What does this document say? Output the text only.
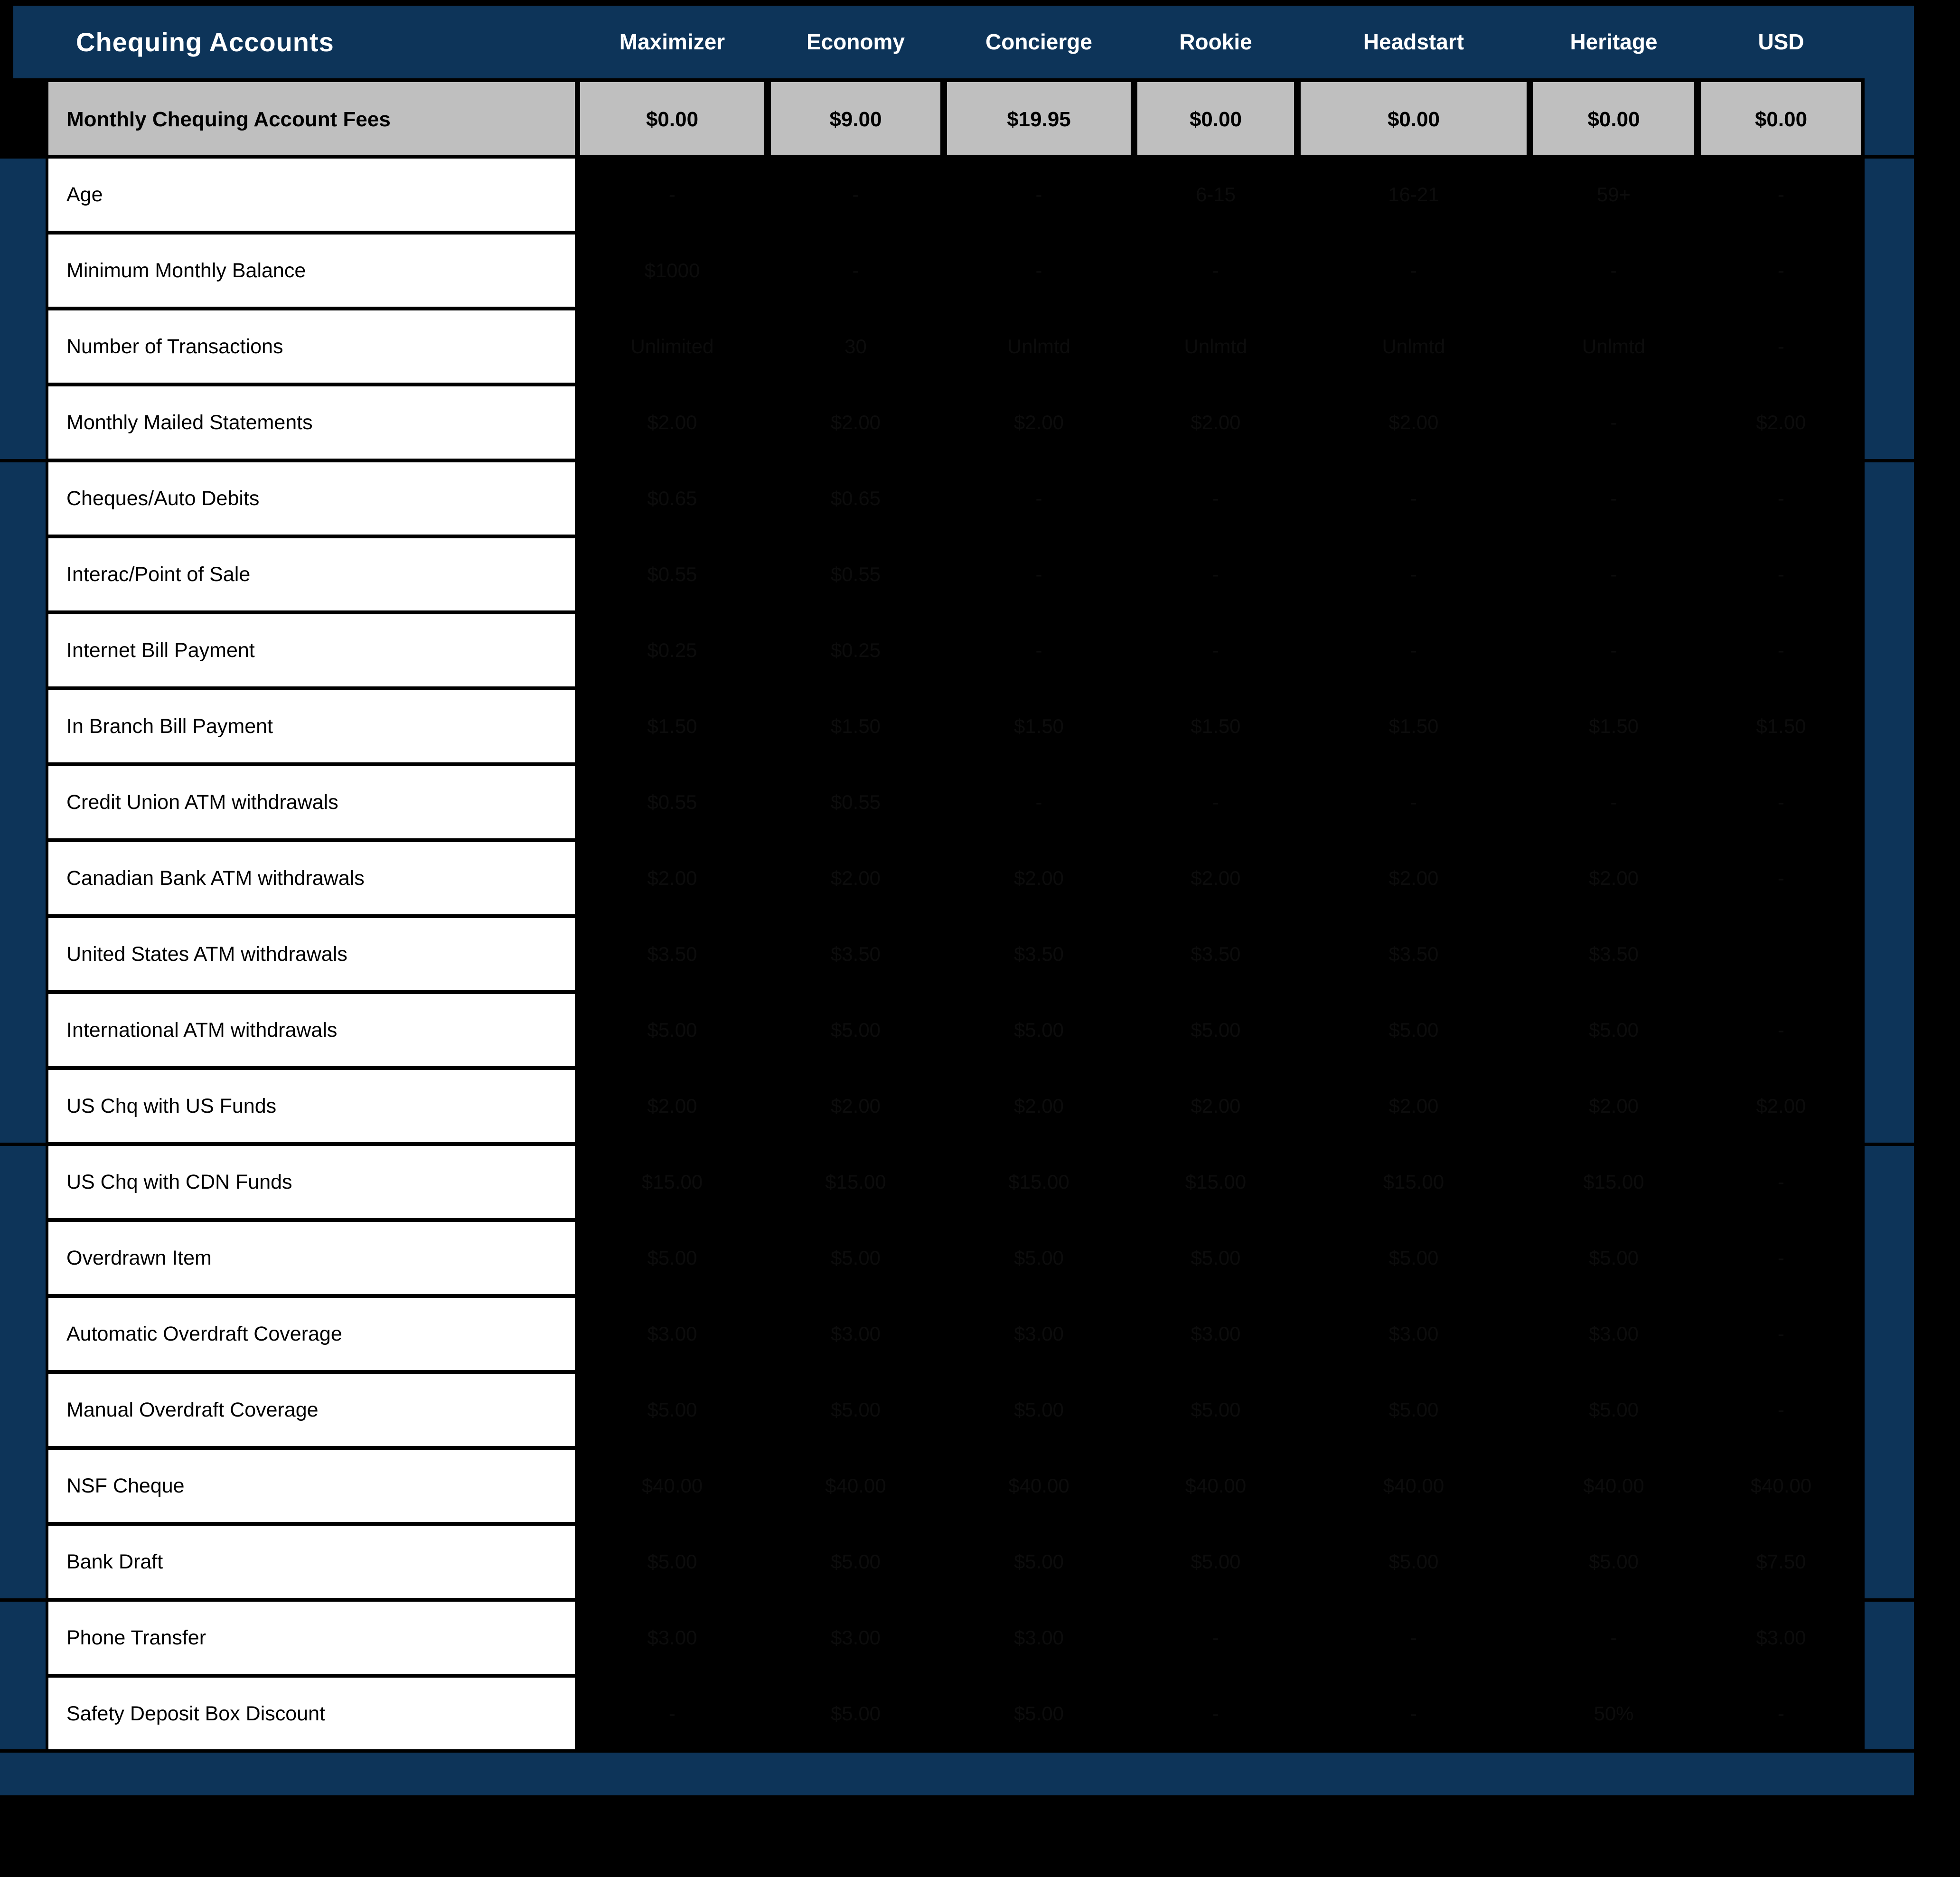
Chequing Accounts	Maximizer	Economy	Concierge	Rookie	Headstart	Heritage	USD
Monthly Chequing Account Fees	$0.00	$9.00	$19.95	$0.00	$0.00	$0.00	$0.00
Age	-	-	-	6-15	16-21	59+	-
Minimum Monthly Balance	$1000	-	-	-	-	-	-
Number of Transactions	Unlimited	30	Unlmtd	Unlmtd	Unlmtd	Unlmtd	-
Monthly Mailed Statements	$2.00	$2.00	$2.00	$2.00	$2.00	-	$2.00
Cheques/Auto Debits	$0.65	$0.65	-	-	-	-	-
Interac/Point of Sale	$0.55	$0.55	-	-	-	-	-
Internet Bill Payment	$0.25	$0.25	-	-	-	-	-
In Branch Bill Payment	$1.50	$1.50	$1.50	$1.50	$1.50	$1.50	$1.50
Credit Union ATM withdrawals	$0.55	$0.55	-	-	-	-	-
Canadian Bank ATM withdrawals	$2.00	$2.00	$2.00	$2.00	$2.00	$2.00	-
United States ATM withdrawals	$3.50	$3.50	$3.50	$3.50	$3.50	$3.50
International ATM withdrawals	$5.00	$5.00	$5.00	$5.00	$5.00	$5.00	-
US Chq with US Funds	$2.00	$2.00	$2.00	$2.00	$2.00	$2.00	$2.00
US Chq with CDN Funds	$15.00	$15.00	$15.00	$15.00	$15.00	$15.00	-
Overdrawn Item	$5.00	$5.00	$5.00	$5.00	$5.00	$5.00	-
Automatic Overdraft Coverage	$3.00	$3.00	$3.00	$3.00	$3.00	$3.00	-
Manual Overdraft Coverage	$5.00	$5.00	$5.00	$5.00	$5.00	$5.00	-
NSF Cheque	$40.00	$40.00	$40.00	$40.00	$40.00	$40.00	$40.00
Bank Draft	$5.00	$5.00	$5.00	$5.00	$5.00	$5.00	$7.50
Phone Transfer	$3.00	$3.00	$3.00	-	-	-	$3.00
Safety Deposit Box Discount	-	$5.00	$5.00	-	-	50%	-
